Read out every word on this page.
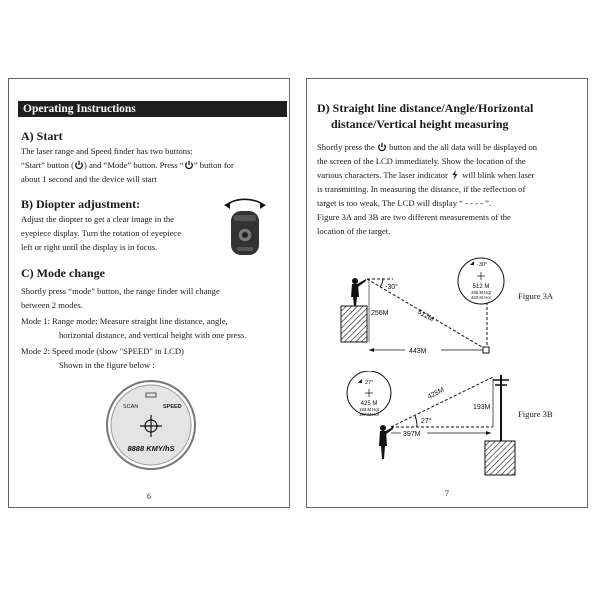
Operating Instructions
A) Start
The laser range and Speed finder has two buttons:
“Start” button ( ) and “Mode” button. Press “ ” button for
about 1 second and the device will start
B) Diopter adjustment:
Adjust the diopter to get a clear image in the
eyepiece display. Turn the rotation of eyepiece
left or right until the display is in focus.
C) Mode change
Shortly press “mode” button, the range finder will change
between 2 modes.
Mode 1: Range mode; Measure straight line distance, angle,
horizontal distance, and vertical height with one press.
Mode 2: Speed mode (show "SPEED" in LCD)
Shown in the figure below :
SCAN	SPEED
8888 KMY/hS
6
D) Straight line distance/Angle/Horizontal
distance/Vertical height measuring
Shortly press the button and the all data will be displayed on
the screen of the LCD immediately. Show the location of the
various characters. The laser indicator will blink when laser
is transmitting. In measuring the distance, if the reflection of
target is too weak, The LCD will display “ - - - - ”.
Figure 3A and 3B are two different measurements of the
location of the target.
-30°
512M
256M
443M
-30°
512 M
256 M Hgt
443 M Hor	Figure 3A
27°
425 M
193 M Hgt
397 M Hor
27°
425M
397M
193M
Figure 3B
7
